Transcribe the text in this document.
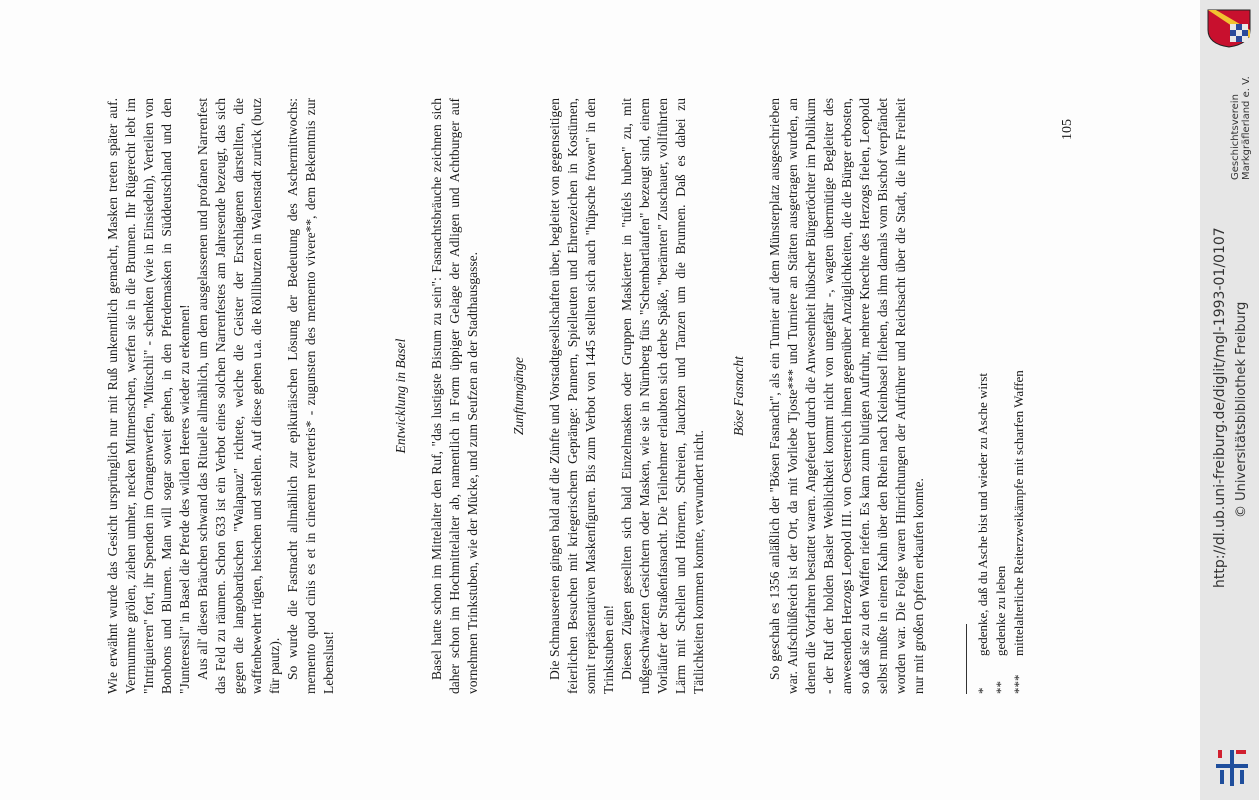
Wie erwähnt wurde das Gesicht ursprünglich nur mit Ruß unkenntlich gemacht, Masken treten später auf. Vermummte grölen, ziehen umher, necken Mitmenschen, werfen sie in die Brunnen. Ihr Rügerecht lebt im "Intriguieren" fort, ihr Spenden im Orangenwerfen, "Mütschli" - schenken (wie in Einsiedeln), Verteilen von Bonbons und Blumen. Man will sogar soweit gehen, in den Pferdemasken in Süddeutschland und den "Junteressli" in Basel die Pferde des wilden Heeres wieder zu erkennen! Aus all' diesen Bräuchen schwand das Rituelle allmählich, um dem ausgelassenen und profanen Narrenfest das Feld zu räumen. Schon 633 ist ein Verbot eines solchen Narrenfestes am Jahresende bezeugt, das sich gegen die langobardischen "Walapauz" richtete, welche die Geister der Erschlagenen darstellten, die waffenbewehrt rügen, heischen und stehlen. Auf diese gehen u.a. die Rölllibutzen in Walenstadt zurück (butz für pautz). So wurde die Fastnacht allmählich zur epikuräischen Lösung der Bedeutung des Aschermittwochs: memento quod cinis es et in cinerem reverteris* - zugunsten des memento vivere**, dem Bekenntnis zur Lebenslust!

Entwicklung in Basel Basel hatte schon im Mittelalter den Ruf, "das lustigste Bistum zu sein": Fasnachtsbräuche zeichnen sich daher schon im Hochmittelalter ab, namentlich in Form üppiger Gelage der Adligen und Achtburger auf vornehmen Trinkstuben, wie der Mücke, und zum Seufzen an der Stadthausgasse. Zunftumgänge Die Schmausereien gingen bald auf die Zünfte und Vorstadtgesellschaften über, begleitet von gegenseitigen feierlichen Besuchen mit kriegerischem Gepränge: Pannern, Spielleuten und Ehrenzeichen in Kostümen, somit repräsentativen Maskenfiguren. Bis zum Verbot von 1445 stellten sich auch "hüpsche frowen" in den Trinkstuben ein! Diesen Zügen gesellten sich bald Einzelmasken oder Gruppen Maskierter in "tüfels huben" zu, mit rußgeschwärzten Gesichtern oder Masken, wie sie in Nürnberg fürs "Schembartlaufen" bezeugt sind, einem Vorläufer der Straßenfasnacht. Die Teilnehmer erlaubten sich derbe Späße, "berämten" Zuschauer, vollführten Lärm mit Schellen und Hörnern, Schreien, Jauchzen und Tanzen um die Brunnen. Daß es dabei zu Tätlichkeiten kommen konnte, verwundert nicht.

Böse Fasnacht So geschah es 1356 anläßlich der "Bösen Fasnacht", als ein Turnier auf dem Münsterplatz ausgeschrieben war. Aufschlüßreich ist der Ort, da mit Vorliebe Tjoste*** und Turniere an Stätten ausgetragen wurden, an denen die Vorfahren bestattet waren. Angefeuert durch die Anwesenheit hübscher Bürgertöchter im Publikum - der Ruf der holden Basler Weiblichkeit kommt nicht von ungefähr -, wagten übermütige Begleiter des anwesenden Herzogs Leopold III. von Oesterreich ihnen gegenüber Anzüglichkeiten, die die Bürger erbosten, so daß sie zu den Waffen riefen. Es kam zum blutigen Aufruhr, mehrere Knechte des Herzogs fielen, Leopold selbst mußte in einem Kahn über den Rhein nach Kleinbasel fliehen, das ihm damals vom Bischof verpfändet worden war. Die Folge waren Hinrichtungen der Aufrührer und Reichsacht über die Stadt, die ihre Freiheit nur mit großen Opfern erkaufen konnte.	*
gedenke, daß du Asche bist und wieder zu Asche wirst
**
gedenke zu leben
***
mittelalterliche Reiterzweikämpfe mit scharfen Waffen
105
http://dl.ub.uni-freiburg.de/diglit/mgl-1993-01/0107 © Universitätsbibliothek Freiburg
Geschichtsverein Markgräflerland e. V.
